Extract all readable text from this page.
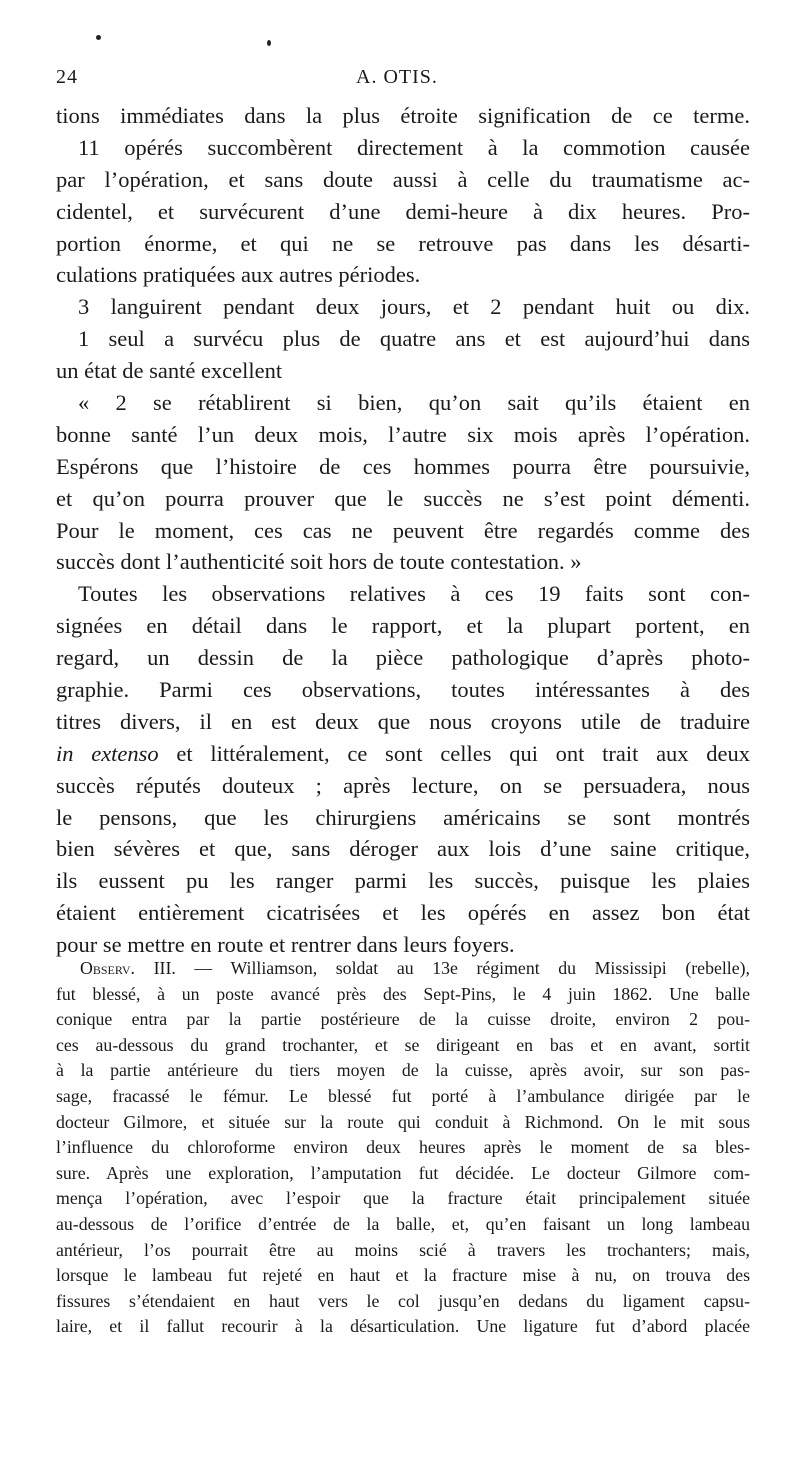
24	A. OTIS.
tions immédiates dans la plus étroite signification de ce terme.
11 opérés succombèrent directement à la commotion causée
par l’opération, et sans doute aussi à celle du traumatisme ac-
cidentel, et survécurent d’une demi-heure à dix heures. Pro-
portion énorme, et qui ne se retrouve pas dans les désarti-
culations pratiquées aux autres périodes.
3 languirent pendant deux jours, et 2 pendant huit ou dix.
1 seul a survécu plus de quatre ans et est aujourd’hui dans
un état de santé excellent
« 2 se rétablirent si bien, qu’on sait qu’ils étaient en
bonne santé l’un deux mois, l’autre six mois après l’opération.
Espérons que l’histoire de ces hommes pourra être poursuivie,
et qu’on pourra prouver que le succès ne s’est point démenti.
Pour le moment, ces cas ne peuvent être regardés comme des
succès dont l’authenticité soit hors de toute contestation. »
Toutes les observations relatives à ces 19 faits sont con-
signées en détail dans le rapport, et la plupart portent, en
regard, un dessin de la pièce pathologique d’après photo-
graphie. Parmi ces observations, toutes intéressantes à des
titres divers, il en est deux que nous croyons utile de traduire
in extenso et littéralement, ce sont celles qui ont trait aux deux
succès réputés douteux ; après lecture, on se persuadera, nous
le pensons, que les chirurgiens américains se sont montrés
bien sévères et que, sans déroger aux lois d’une saine critique,
ils eussent pu les ranger parmi les succès, puisque les plaies
étaient entièrement cicatrisées et les opérés en assez bon état
pour se mettre en route et rentrer dans leurs foyers.
Observ. III. — Williamson, soldat au 13e régiment du Mississipi (rebelle),
fut blessé, à un poste avancé près des Sept-Pins, le 4 juin 1862. Une balle
conique entra par la partie postérieure de la cuisse droite, environ 2 pou-
ces au-dessous du grand trochanter, et se dirigeant en bas et en avant, sortit
à la partie antérieure du tiers moyen de la cuisse, après avoir, sur son pas-
sage, fracassé le fémur. Le blessé fut porté à l’ambulance dirigée par le
docteur Gilmore, et située sur la route qui conduit à Richmond. On le mit sous
l’influence du chloroforme environ deux heures après le moment de sa bles-
sure. Après une exploration, l’amputation fut décidée. Le docteur Gilmore com-
mença l’opération, avec l’espoir que la fracture était principalement située
au-dessous de l’orifice d’entrée de la balle, et, qu’en faisant un long lambeau
antérieur, l’os pourrait être au moins scié à travers les trochanters; mais,
lorsque le lambeau fut rejeté en haut et la fracture mise à nu, on trouva des
fissures s’étendaient en haut vers le col jusqu’en dedans du ligament capsu-
laire, et il fallut recourir à la désarticulation. Une ligature fut d’abord placée
